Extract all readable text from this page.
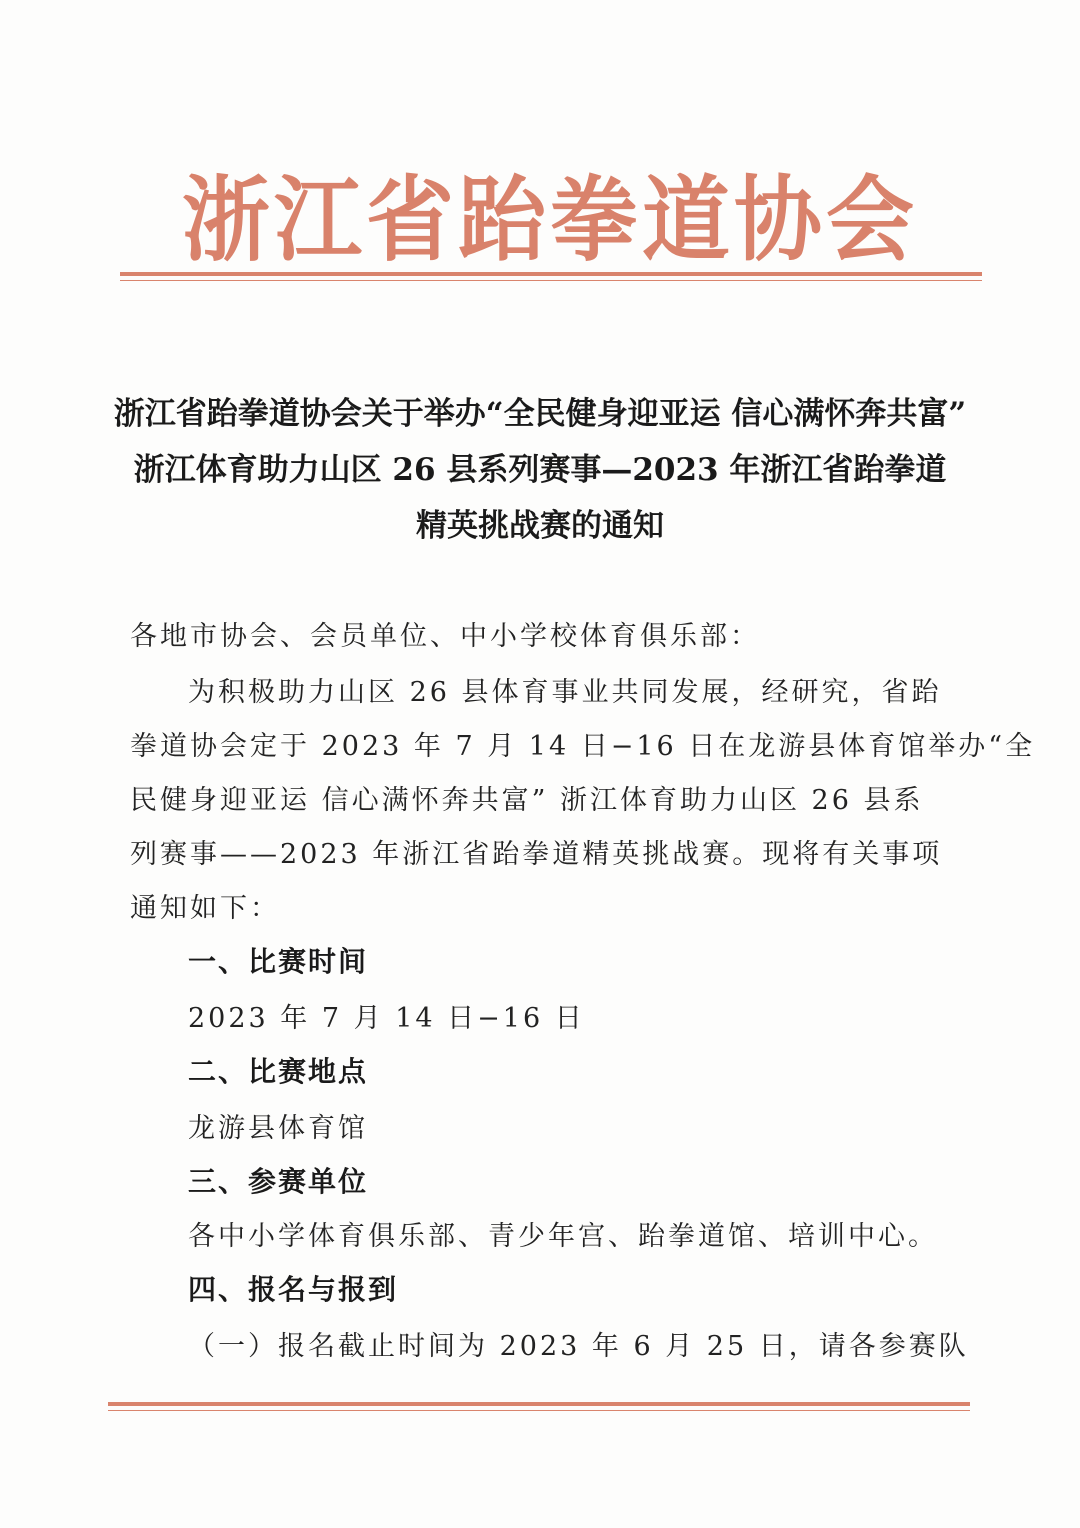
浙江省跆拳道协会
浙江省跆拳道协会关于举办“全民健身迎亚运 信心满怀奔共富”
浙江体育助力山区 26 县系列赛事—2023 年浙江省跆拳道
精英挑战赛的通知
各地市协会、会员单位、中小学校体育俱乐部：
为积极助力山区 26 县体育事业共同发展，经研究，省跆
拳道协会定于 2023 年 7 月 14 日−16 日在龙游县体育馆举办“全
民健身迎亚运 信心满怀奔共富” 浙江体育助力山区 26 县系
列赛事——2023 年浙江省跆拳道精英挑战赛。现将有关事项
通知如下：
一、比赛时间
2023 年 7 月 14 日−16 日
二、比赛地点
龙游县体育馆
三、参赛单位
各中小学体育俱乐部、青少年宫、跆拳道馆、培训中心。
四、报名与报到
（一）报名截止时间为 2023 年 6 月 25 日，请各参赛队
